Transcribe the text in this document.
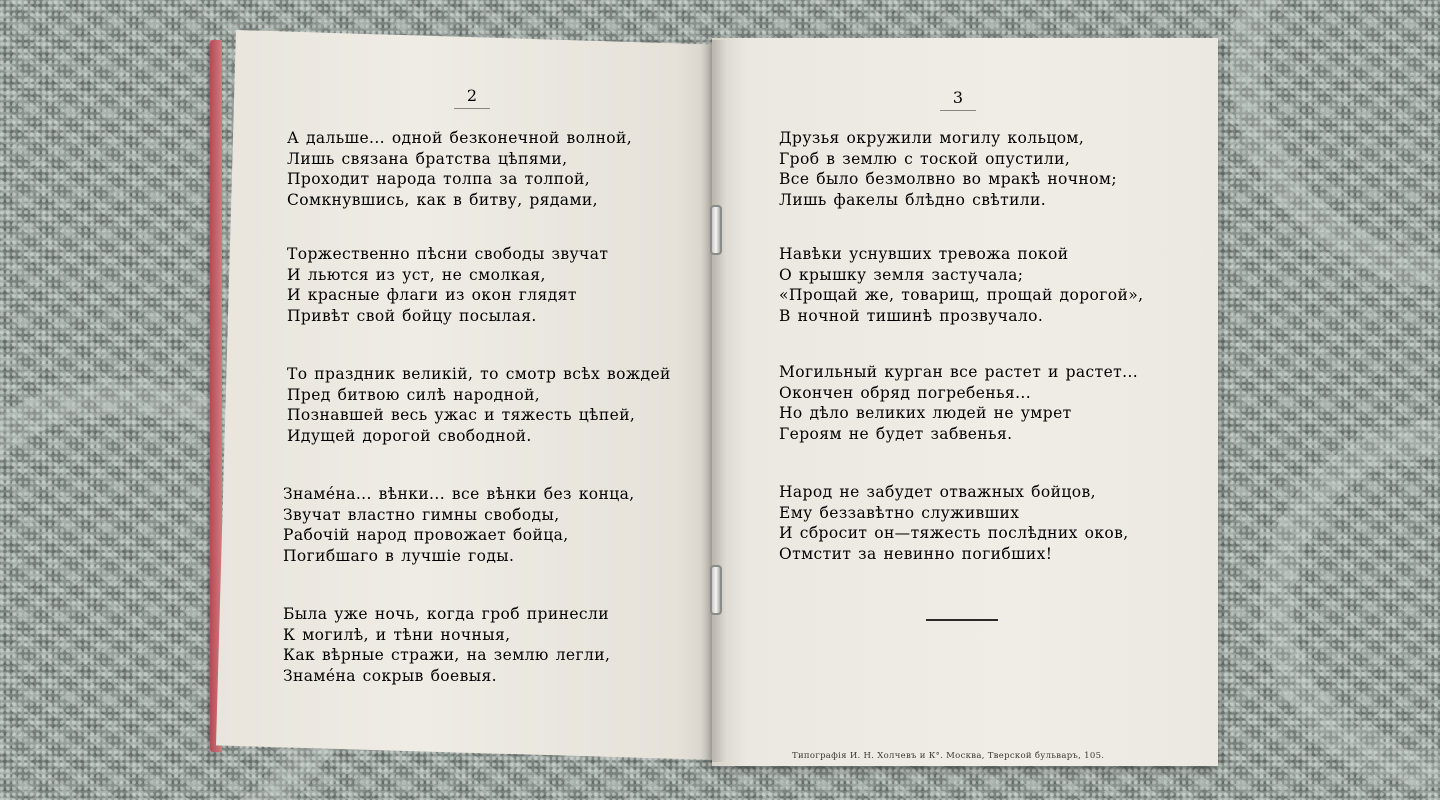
2	3
А дальше... одной безконечной волной,
Лишь связана братства цѣпями,
Проходит народа толпа за толпой,
Сомкнувшись, как в битву, рядами,
Торжественно пѣсни свободы звучат
И льются из уст, не смолкая,
И красные флаги из окон глядят
Привѣт свой бойцу посылая.
То праздник великій, то смотр всѣх вождей
Пред битвою силѣ народной,
Познавшей весь ужас и тяжесть цѣпей,
Идущей дорогой свободной.
Знамéна... вѣнки... все вѣнки без конца,
Звучат властно гимны свободы,
Рабочій народ провожает бойца,
Погибшаго в лучшіе годы.
Была уже ночь, когда гроб принесли
К могилѣ, и тѣни ночныя,
Как вѣрные стражи, на землю легли,
Знамéна сокрыв боевыя.
Друзья окружили могилу кольцом,
Гроб в землю с тоской опустили,
Все было безмолвно во мракѣ ночном;
Лишь факелы блѣдно свѣтили.
Навѣки уснувших тревожа покой
О крышку земля застучала;
«Прощай же, товарищ, прощай дорогой»,
В ночной тишинѣ прозвучало.
Могильный курган все растет и растет...
Окончен обряд погребенья...
Но дѣло великих людей не умрет
Героям не будет забвенья.
Народ не забудет отважных бойцов,
Ему беззавѣтно служивших
И сбросит он—тяжесть послѣдних оков,
Отмстит за невинно погибших!
Типографія И. Н. Холчевъ и К°. Москва, Тверской бульваръ, 105.
